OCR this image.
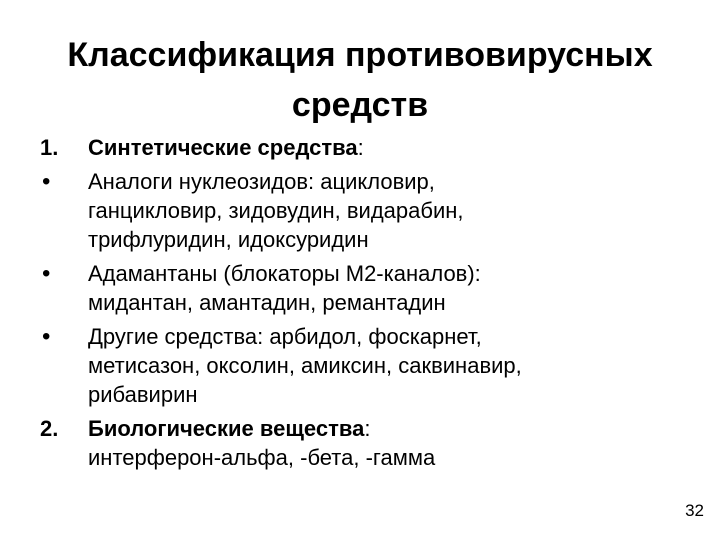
Классификация противовирусных
средств
1.	Синтетические средства:
•	Аналоги нуклеозидов: ацикловир,
ганцикловир, зидовудин, видарабин,
трифлуридин, идоксуридин
•	Адамантаны (блокаторы М2-каналов):
мидантан, амантадин, ремантадин
•	Другие средства: арбидол, фоскарнет,
метисазон, оксолин, амиксин, саквинавир,
рибавирин
2.	Биологические вещества:
интерферон-альфа, -бета, -гамма
32
